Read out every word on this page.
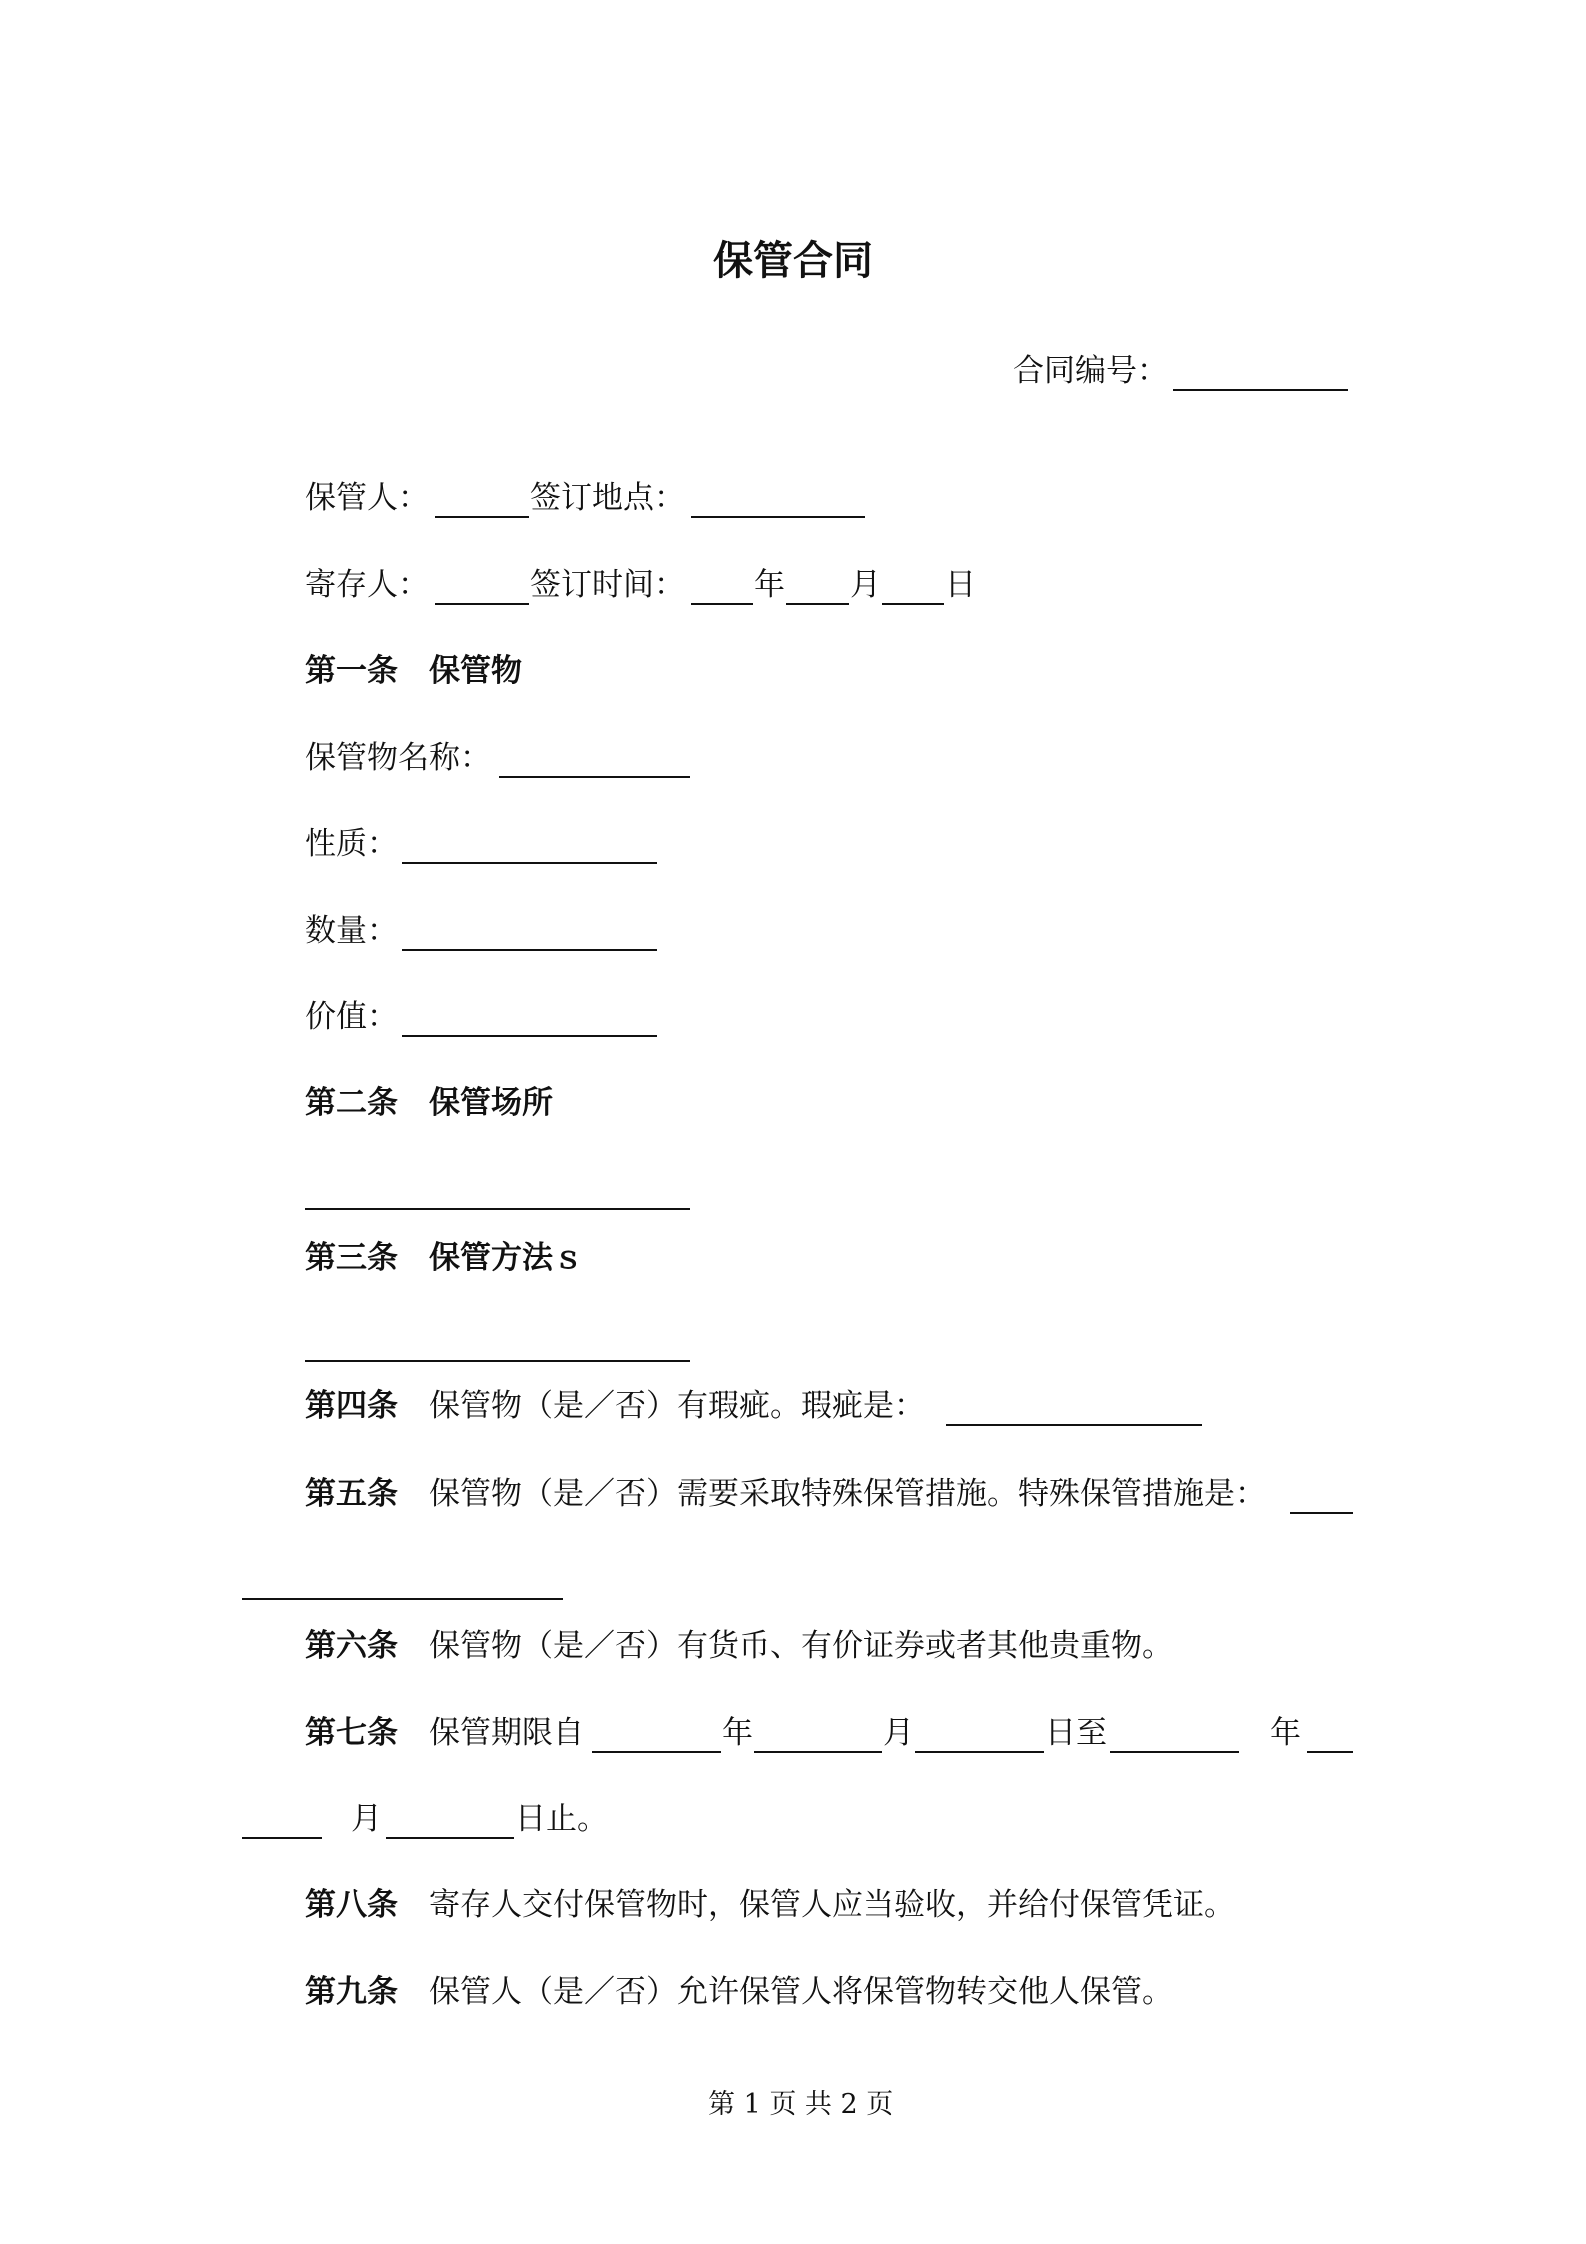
保管合同
合同编号：
保管人：	签订地点：
寄存人：	签订时间： 年 月 日
第一条 保管物
保管物名称：
性质：
数量：
价值：
第二条 保管场所
第三条 保管方法ｓ
第四条 保管物（是／否）有瑕疵。瑕疵是：
第五条 保管物（是／否）需要采取特殊保管措施。特殊保管措施是：
第六条 保管物（是／否）有货币、有价证券或者其他贵重物。
第七条 保管期限自	年	月	日至	年
月	日止。
第八条 寄存人交付保管物时，保管人应当验收，并给付保管凭证。
第九条 保管人（是／否）允许保管人将保管物转交他人保管。
第 1 页 共 2 页
